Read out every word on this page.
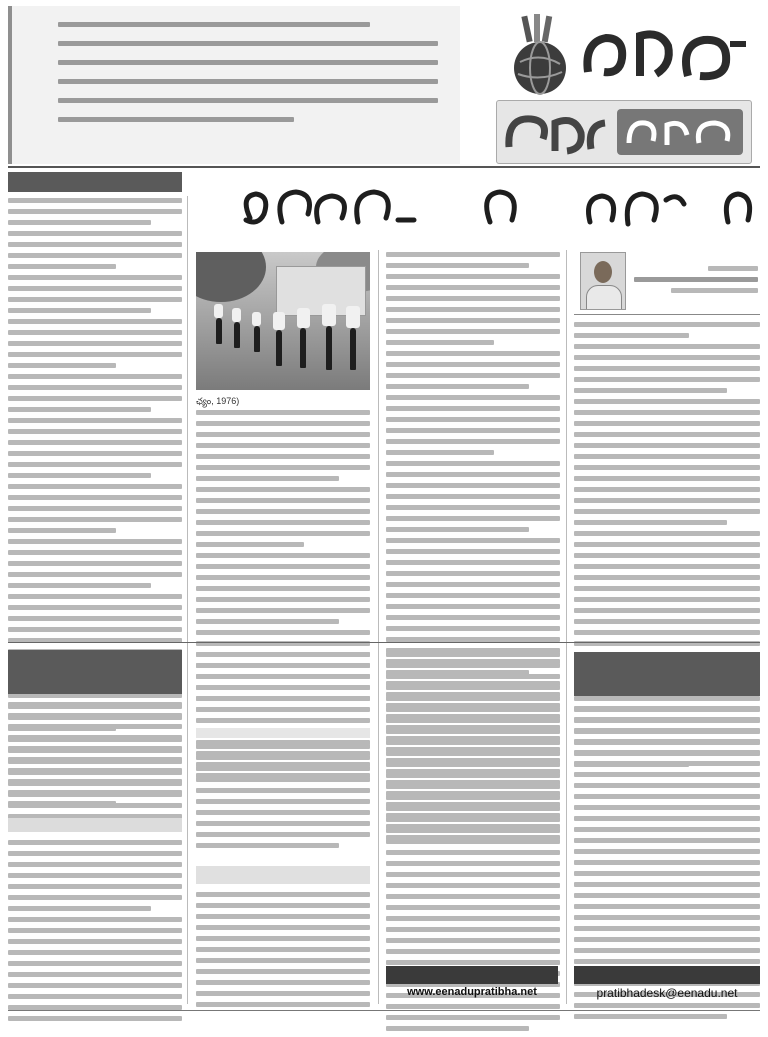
ఛ్యం, 1976)
www.eenadupratibha.net	pratibhadesk@eenadu.net
